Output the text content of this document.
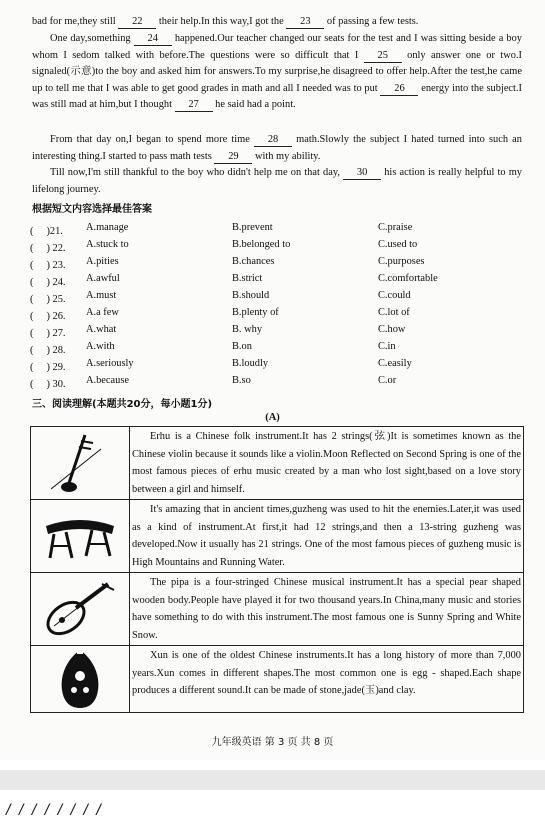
bad for me,they still 22 their help.In this way,I got the 23 of passing a few tests.
One day,something 24 happened.Our teacher changed our seats for the test and I was sitting beside a boy whom I sedom talked with before.The questions were so difficult that I 25 only answer one or two.I signaled(示意)to the boy and asked him for answers.To my surprise,he disagreed to offer help.After the test,he came up to tell me that I was able to get good grades in math and all I needed was to put 26 energy into the subject.I was still mad at him,but I thought 27 he said had a point.
From that day on,I began to spend more time 28 math.Slowly the subject I hated turned into such an interesting thing.I started to pass math tests 29 with my ability.
Till now,I'm still thankful to the boy who didn't help me on that day, 30 his action is really helpful to my lifelong journey.
根据短文内容选择最佳答案
(　 )21. A.manage	B.prevent	C.praise
(　 ) 22. A.stuck to	B.belonged to	C.used to
(　 ) 23. A.pities	B.chances	C.purposes
(　 ) 24. A.awful	B.strict	C.comfortable
(　 ) 25. A.must	B.should	C.could
(　 ) 26. A.a few	B.plenty of	C.lot of
(　 ) 27. A.what	B. why	C.how
(　 ) 28. A.with	B.on	C.in
(　 ) 29. A.seriously	B.loudly	C.easily
(　 ) 30. A.because	B.so	C.or
三、阅读理解(本题共20分，每小题1分)
(A)
Erhu is a Chinese folk instrument.It has 2 strings(弦)It is sometimes known as the Chinese violin because it sounds like a violin.Moon Reflected on Second Spring is one of the most famous pieces of erhu music created by a man who lost sight,based on a love story between a girl and himself.
It's amazing that in ancient times,guzheng was used to hit the enemies.Later,it was used as a kind of instrument.At first,it had 12 strings,and then a 13-string guzheng was developed.Now it usually has 21 strings. One of the most famous pieces of guzheng music is High Mountains and Running Water.
The pipa is a four-stringed Chinese musical instrument.It has a special pear shaped wooden body.People have played it for two thousand years.In China,many music and stories have something to do with this instrument.The most famous one is Sunny Spring and White Snow.
Xun is one of the oldest Chinese instruments.It has a long history of more than 7,000 years.Xun comes in different shapes.The most common one is egg - shaped.Each shape produces a different sound.It can be made of stone,jade(玉)and clay.
九年级英语 第 3 页 共 8 页
/ / / / / / / /
